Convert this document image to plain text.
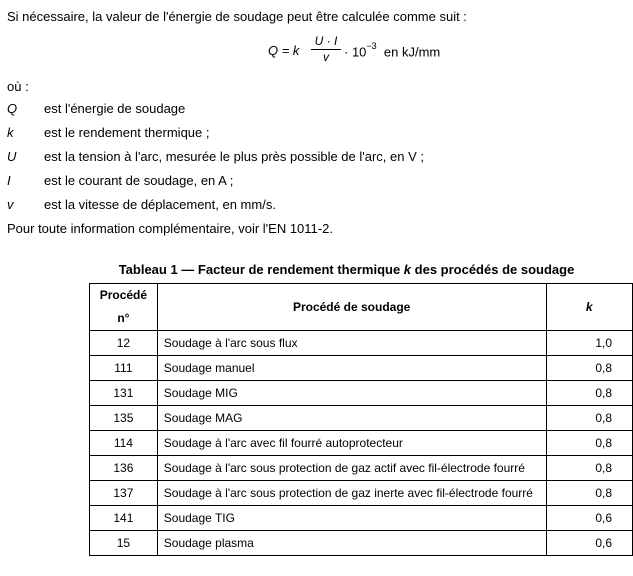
Si nécessaire, la valeur de l'énergie de soudage peut être calculée comme suit :
Q = k $\frac{U \cdot I}{v} \cdot 10^{-3}$ en kJ/mm
où :
Q est l'énergie de soudage
k est le rendement thermique ;
U est la tension à l'arc, mesurée le plus près possible de l'arc, en V ;
I	est le courant de soudage, en A ;
v est la vitesse de déplacement, en mm/s.
Pour toute information complémentaire, voir l'EN 1011-2.
Tableau 1 — Facteur de rendement thermique k des procédés de soudage
Procédé
n°	Procédé de soudage	k
12	Soudage à l'arc sous flux	1,0
111	Soudage manuel	0,8
131	Soudage MIG	0,8
135	Soudage MAG	0,8
114	Soudage à l'arc avec fil fourré autoprotecteur	0,8
136	Soudage à l'arc sous protection de gaz actif avec fil-électrode fourré	0,8
137	Soudage à l'arc sous protection de gaz inerte avec fil-électrode fourré	0,8
141	Soudage TIG	0,6
15	Soudage plasma	0,6
